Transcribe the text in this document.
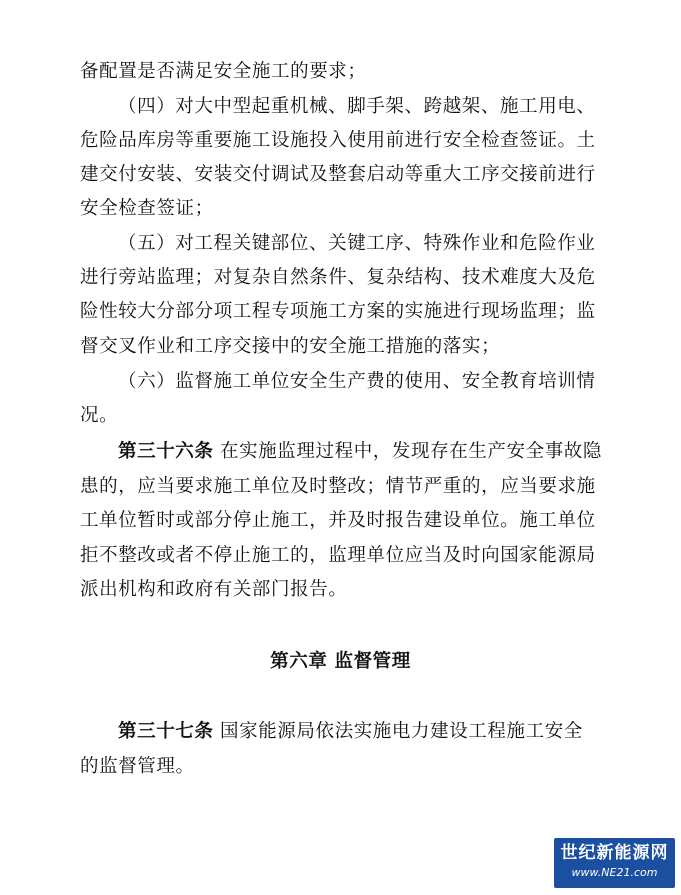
备配置是否满足安全施工的要求；
（四）对大中型起重机械、脚手架、跨越架、施工用电、
危险品库房等重要施工设施投入使用前进行安全检查签证。土
建交付安装、安装交付调试及整套启动等重大工序交接前进行
安全检查签证；
（五）对工程关键部位、关键工序、特殊作业和危险作业
进行旁站监理；对复杂自然条件、复杂结构、技术难度大及危
险性较大分部分项工程专项施工方案的实施进行现场监理；监
督交叉作业和工序交接中的安全施工措施的落实；
（六）监督施工单位安全生产费的使用、安全教育培训情
况。
第三十六条 在实施监理过程中，发现存在生产安全事故隐
患的，应当要求施工单位及时整改；情节严重的，应当要求施
工单位暂时或部分停止施工，并及时报告建设单位。施工单位
拒不整改或者不停止施工的，监理单位应当及时向国家能源局
派出机构和政府有关部门报告。
第六章 监督管理
第三十七条 国家能源局依法实施电力建设工程施工安全
的监督管理。
世纪新能源网
www.NE21.com
